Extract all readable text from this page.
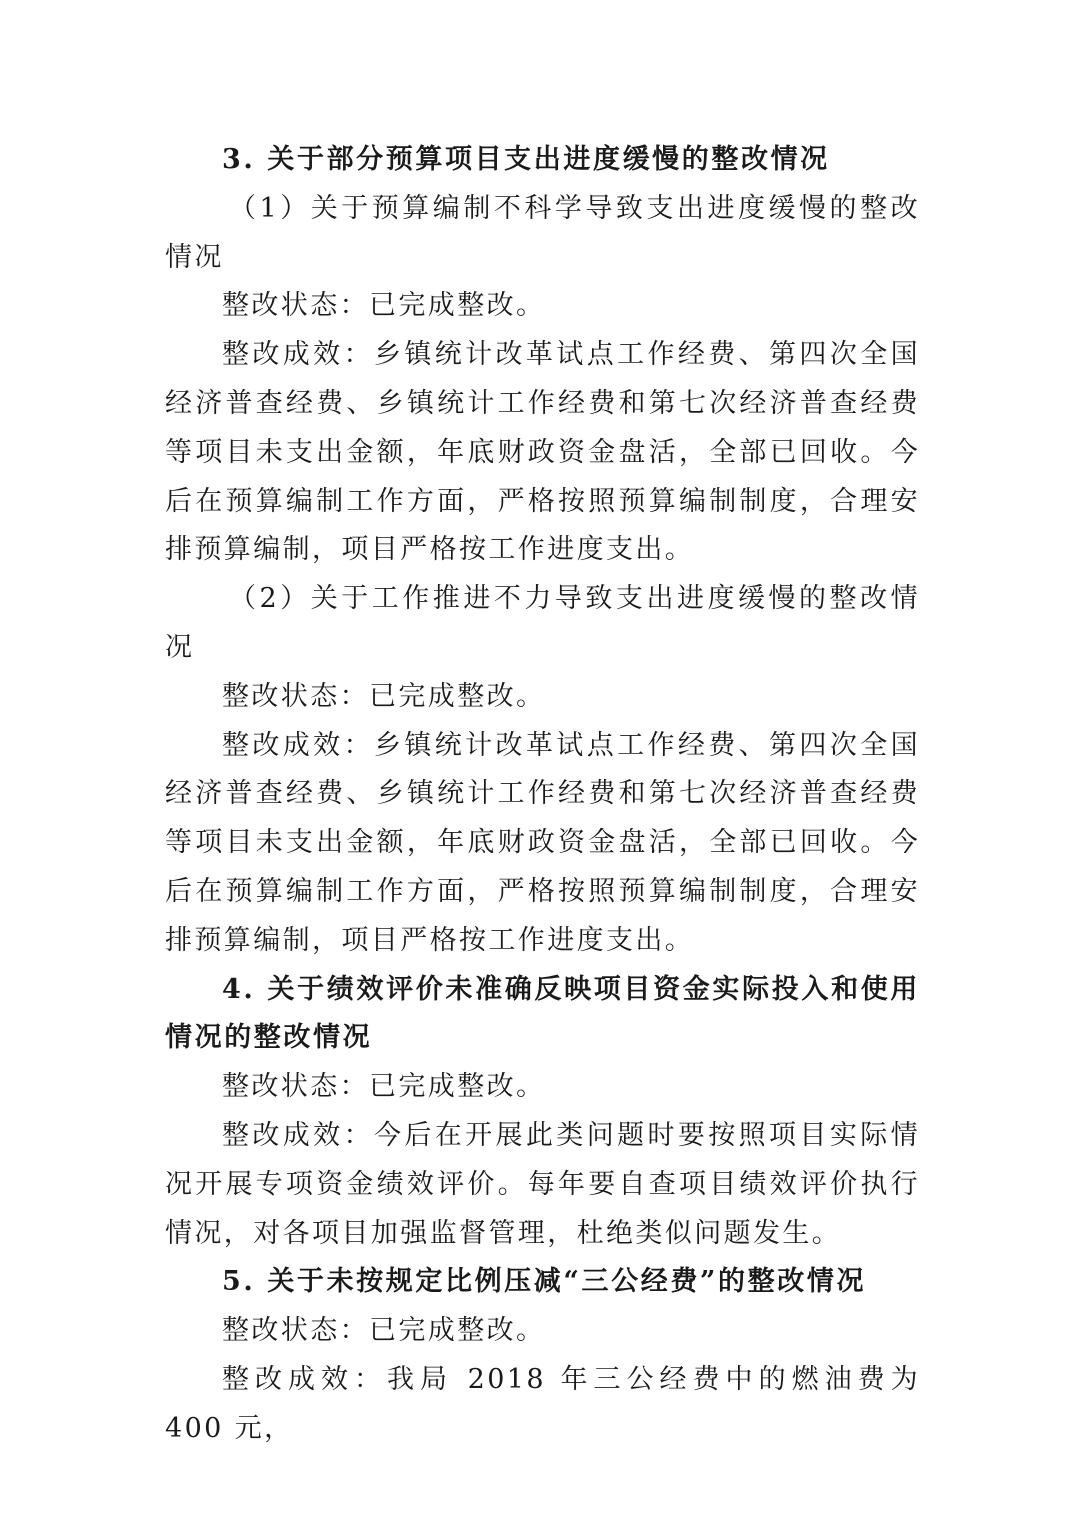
3. 关于部分预算项目支出进度缓慢的整改情况

（1）关于预算编制不科学导致支出进度缓慢的整改情况

整改状态：已完成整改。

整改成效：乡镇统计改革试点工作经费、第四次全国经济普查经费、乡镇统计工作经费和第七次经济普查经费等项目未支出金额，年底财政资金盘活，全部已回收。今后在预算编制工作方面，严格按照预算编制制度，合理安排预算编制，项目严格按工作进度支出。

（2）关于工作推进不力导致支出进度缓慢的整改情况

整改状态：已完成整改。

整改成效：乡镇统计改革试点工作经费、第四次全国经济普查经费、乡镇统计工作经费和第七次经济普查经费等项目未支出金额，年底财政资金盘活，全部已回收。今后在预算编制工作方面，严格按照预算编制制度，合理安排预算编制，项目严格按工作进度支出。

4. 关于绩效评价未准确反映项目资金实际投入和使用情况的整改情况

整改状态：已完成整改。

整改成效：今后在开展此类问题时要按照项目实际情况开展专项资金绩效评价。每年要自查项目绩效评价执行情况，对各项目加强监督管理，杜绝类似问题发生。

5. 关于未按规定比例压减“三公经费”的整改情况

整改状态：已完成整改。

整改成效：我局 2018 年三公经费中的燃油费为 400 元，
